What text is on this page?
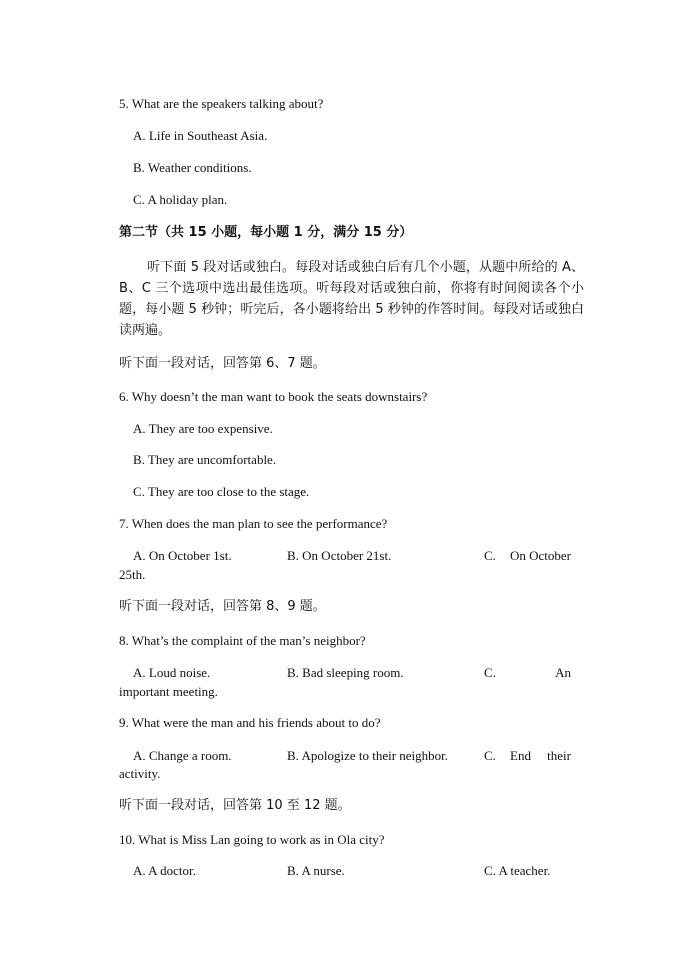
5. What are the speakers talking about?
A. Life in Southeast Asia.
B. Weather conditions.
C. A holiday plan.
第二节（共 15 小题，每小题 1 分，满分 15 分）
听下面 5 段对话或独白。每段对话或独白后有几个小题，从题中所给的 A、B、C 三个选项中选出最佳选项。听每段对话或独白前，你将有时间阅读各个小题，每小题 5 秒钟；听完后，各小题将给出 5 秒钟的作答时间。每段对话或独白读两遍。
听下面一段对话，回答第 6、7 题。
6. Why doesn’t the man want to book the seats downstairs?
A. They are too expensive.
B. They are uncomfortable.
C. They are too close to the stage.
7. When does the man plan to see the performance?
A. On October 1st.	B. On October 21st.	C. On October
25th.
听下面一段对话，回答第 8、9 题。
8. What’s the complaint of the man’s neighbor?
A. Loud noise.	B. Bad sleeping room.	C.	An
important meeting.
9. What were the man and his friends about to do?
A. Change a room.	B. Apologize to their neighbor.	C. End their
activity.
听下面一段对话，回答第 10 至 12 题。
10. What is Miss Lan going to work as in Ola city?
A. A doctor.	B. A nurse.	C. A teacher.
